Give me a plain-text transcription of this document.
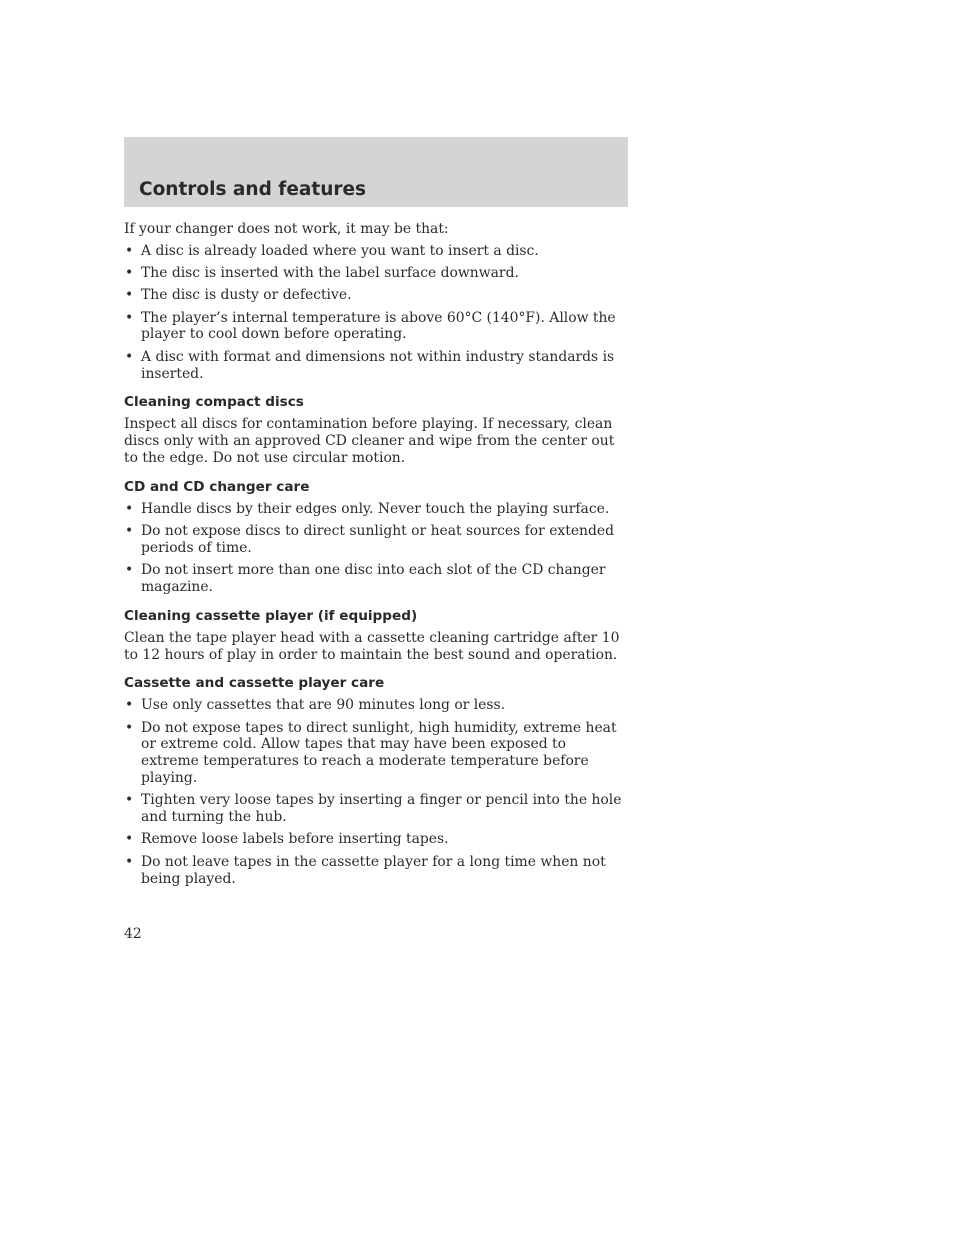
Controls and features

If your changer does not work, it may be that:

• A disc is already loaded where you want to insert a disc.
• The disc is inserted with the label surface downward.
• The disc is dusty or defective.
• The player’s internal temperature is above 60°C (140°F). Allow the player to cool down before operating.
• A disc with format and dimensions not within industry standards is inserted.
Cleaning compact discs

Inspect all discs for contamination before playing. If necessary, clean discs only with an approved CD cleaner and wipe from the center out to the edge. Do not use circular motion.

CD and CD changer care
• Handle discs by their edges only. Never touch the playing surface.
• Do not expose discs to direct sunlight or heat sources for extended periods of time.
• Do not insert more than one disc into each slot of the CD changer magazine.
Cleaning cassette player (if equipped)

Clean the tape player head with a cassette cleaning cartridge after 10 to 12 hours of play in order to maintain the best sound and operation.

Cassette and cassette player care
• Use only cassettes that are 90 minutes long or less.
• Do not expose tapes to direct sunlight, high humidity, extreme heat or extreme cold. Allow tapes that may have been exposed to extreme temperatures to reach a moderate temperature before playing.
• Tighten very loose tapes by inserting a finger or pencil into the hole and turning the hub.
• Remove loose labels before inserting tapes.
• Do not leave tapes in the cassette player for a long time when not being played.
42
